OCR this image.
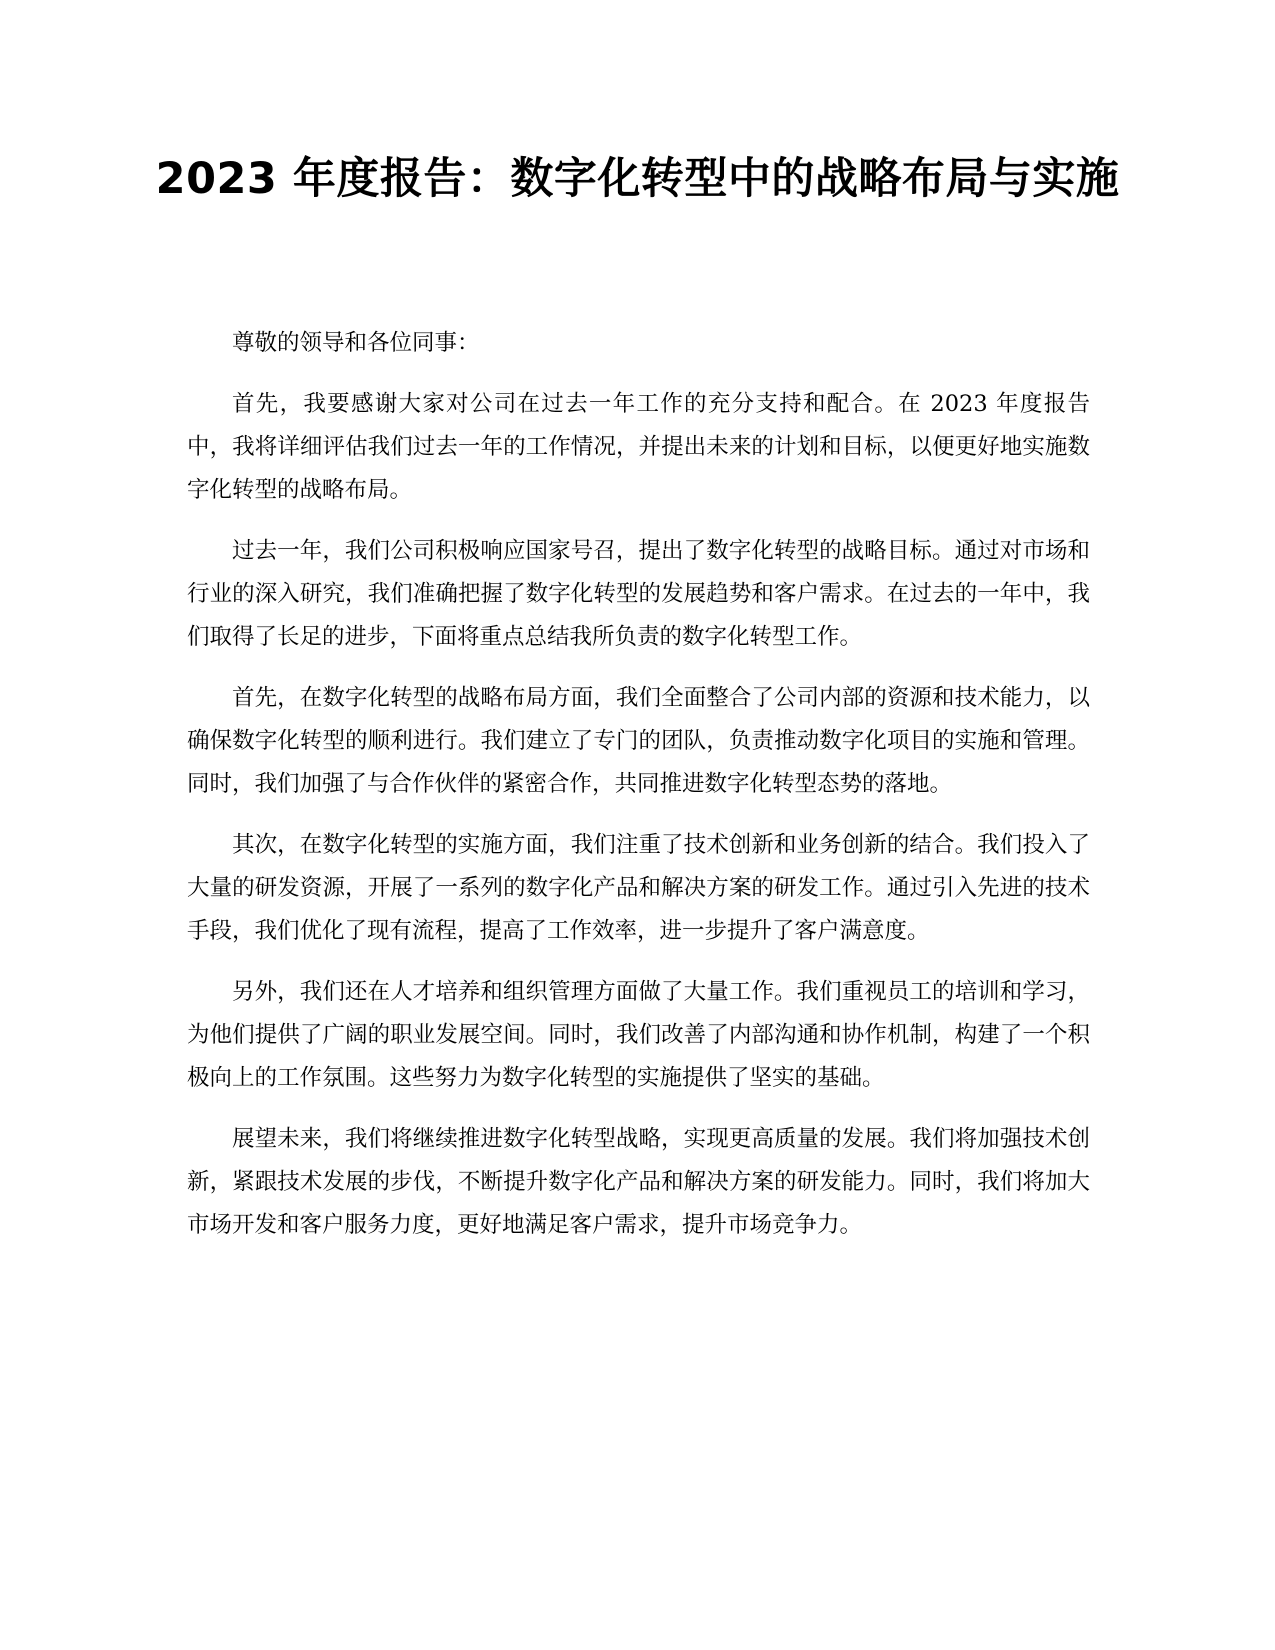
2023 年度报告：数字化转型中的战略布局与实施

尊敬的领导和各位同事：

首先，我要感谢大家对公司在过去一年工作的充分支持和配合。在 2023 年度报告中，我将详细评估我们过去一年的工作情况，并提出未来的计划和目标，以便更好地实施数字化转型的战略布局。

过去一年，我们公司积极响应国家号召，提出了数字化转型的战略目标。通过对市场和行业的深入研究，我们准确把握了数字化转型的发展趋势和客户需求。在过去的一年中，我们取得了长足的进步，下面将重点总结我所负责的数字化转型工作。

首先，在数字化转型的战略布局方面，我们全面整合了公司内部的资源和技术能力，以确保数字化转型的顺利进行。我们建立了专门的团队，负责推动数字化项目的实施和管理。同时，我们加强了与合作伙伴的紧密合作，共同推进数字化转型态势的落地。

其次，在数字化转型的实施方面，我们注重了技术创新和业务创新的结合。我们投入了大量的研发资源，开展了一系列的数字化产品和解决方案的研发工作。通过引入先进的技术手段，我们优化了现有流程，提高了工作效率，进一步提升了客户满意度。

另外，我们还在人才培养和组织管理方面做了大量工作。我们重视员工的培训和学习，为他们提供了广阔的职业发展空间。同时，我们改善了内部沟通和协作机制，构建了一个积极向上的工作氛围。这些努力为数字化转型的实施提供了坚实的基础。

展望未来，我们将继续推进数字化转型战略，实现更高质量的发展。我们将加强技术创新，紧跟技术发展的步伐，不断提升数字化产品和解决方案的研发能力。同时，我们将加大市场开发和客户服务力度，更好地满足客户需求，提升市场竞争力。
